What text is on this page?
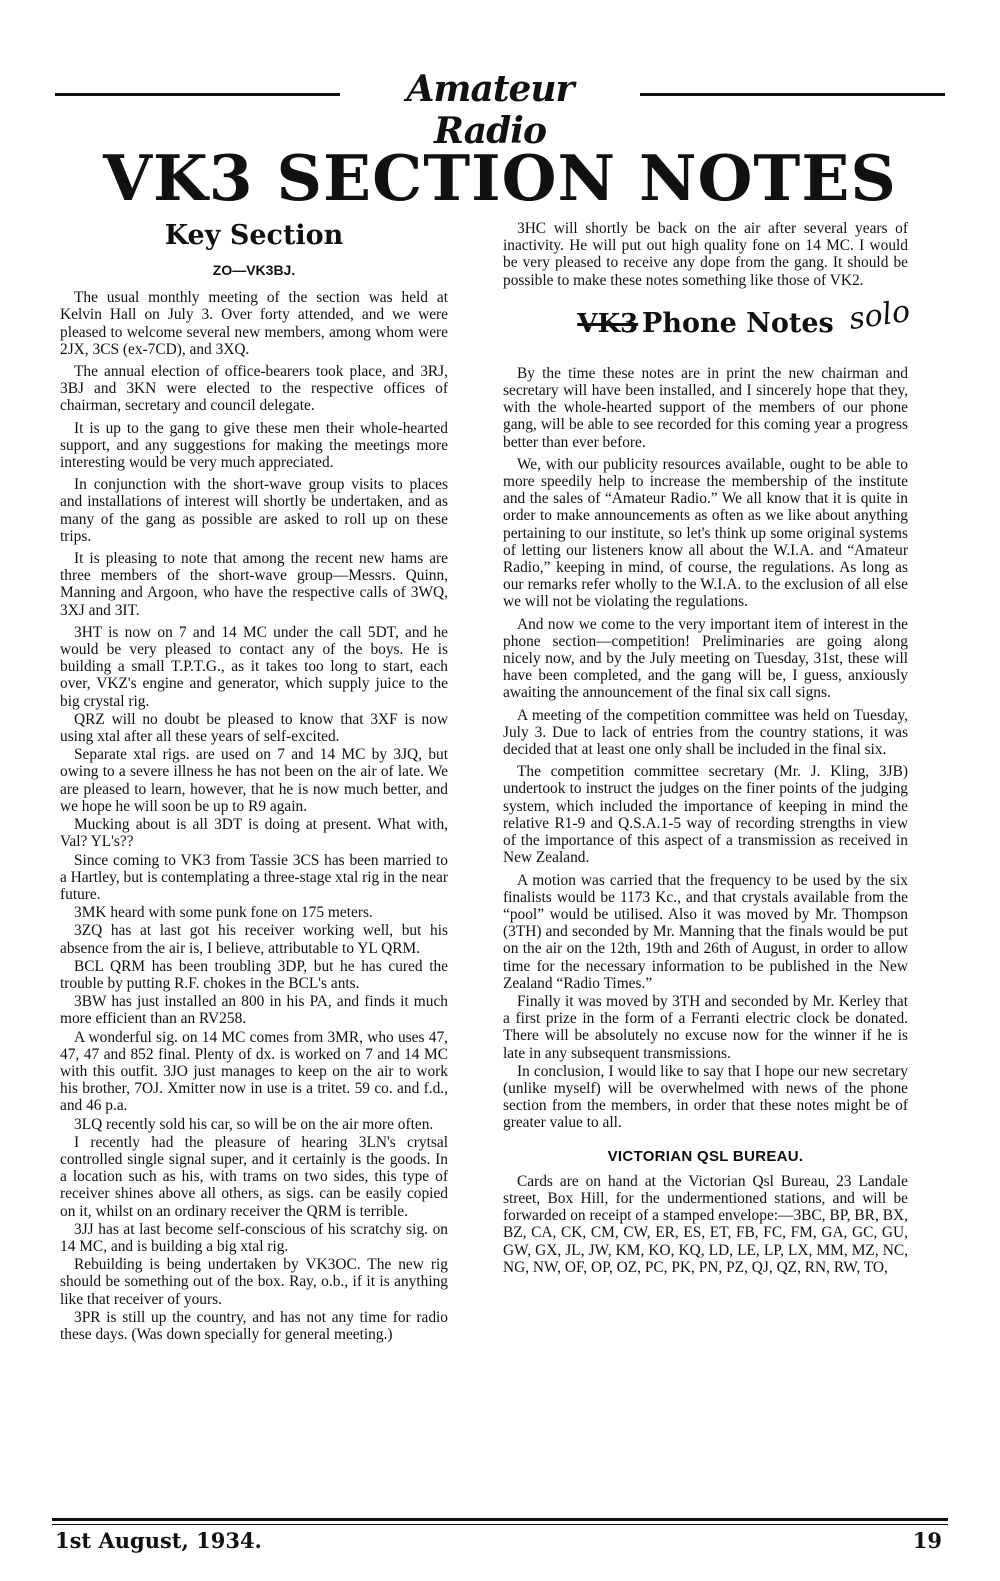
Amateur Radio
VK3 SECTION NOTES
Key Section
ZO—VK3BJ.

The usual monthly meeting of the section was held at Kelvin Hall on July 3. Over forty attended, and we were pleased to welcome several new members, among whom were 2JX, 3CS (ex-7CD), and 3XQ.

The annual election of office-bearers took place, and 3RJ, 3BJ and 3KN were elected to the respective offices of chairman, secretary and council delegate.

It is up to the gang to give these men their whole-hearted support, and any suggestions for making the meetings more interesting would be very much appreciated.

In conjunction with the short-wave group visits to places and installations of interest will shortly be undertaken, and as many of the gang as possible are asked to roll up on these trips.

It is pleasing to note that among the recent new hams are three members of the short-wave group—Messrs. Quinn, Manning and Argoon, who have the respective calls of 3WQ, 3XJ and 3IT.

3HT is now on 7 and 14 MC under the call 5DT, and he would be very pleased to contact any of the boys. He is building a small T.P.T.G., as it takes too long to start, each over, VKZ's engine and generator, which supply juice to the big crystal rig.

QRZ will no doubt be pleased to know that 3XF is now using xtal after all these years of self-excited.

Separate xtal rigs. are used on 7 and 14 MC by 3JQ, but owing to a severe illness he has not been on the air of late. We are pleased to learn, however, that he is now much better, and we hope he will soon be up to R9 again.

Mucking about is all 3DT is doing at present. What with, Val? YL's??

Since coming to VK3 from Tassie 3CS has been married to a Hartley, but is contemplating a three-stage xtal rig in the near future.

3MK heard with some punk fone on 175 meters.

3ZQ has at last got his receiver working well, but his absence from the air is, I believe, attributable to YL QRM.

BCL QRM has been troubling 3DP, but he has cured the trouble by putting R.F. chokes in the BCL's ants.

3BW has just installed an 800 in his PA, and finds it much more efficient than an RV258.

A wonderful sig. on 14 MC comes from 3MR, who uses 47, 47, 47 and 852 final. Plenty of dx. is worked on 7 and 14 MC with this outfit. 3JO just manages to keep on the air to work his brother, 7OJ. Xmitter now in use is a tritet. 59 co. and f.d., and 46 p.a.

3LQ recently sold his car, so will be on the air more often.

I recently had the pleasure of hearing 3LN's crytsal controlled single signal super, and it certainly is the goods. In a location such as his, with trams on two sides, this type of receiver shines above all others, as sigs. can be easily copied on it, whilst on an ordinary receiver the QRM is terrible.

3JJ has at last become self-conscious of his scratchy sig. on 14 MC, and is building a big xtal rig.

Rebuilding is being undertaken by VK3OC. The new rig should be something out of the box. Ray, o.b., if it is anything like that receiver of yours.

3PR is still up the country, and has not any time for radio these days. (Was down specially for general meeting.)

3HC will shortly be back on the air after several years of inactivity. He will put out high quality fone on 14 MC. I would be very pleased to receive any dope from the gang. It should be possible to make these notes something like those of VK2.

VK3 Phone Notes solo

By the time these notes are in print the new chairman and secretary will have been installed, and I sincerely hope that they, with the whole-hearted support of the members of our phone gang, will be able to see recorded for this coming year a progress better than ever before.

We, with our publicity resources available, ought to be able to more speedily help to increase the membership of the institute and the sales of “Amateur Radio.” We all know that it is quite in order to make announcements as often as we like about anything pertaining to our institute, so let's think up some original systems of letting our listeners know all about the W.I.A. and “Amateur Radio,” keeping in mind, of course, the regulations. As long as our remarks refer wholly to the W.I.A. to the exclusion of all else we will not be violating the regulations.

And now we come to the very important item of interest in the phone section—competition! Preliminaries are going along nicely now, and by the July meeting on Tuesday, 31st, these will have been completed, and the gang will be, I guess, anxiously awaiting the announcement of the final six call signs.

A meeting of the competition committee was held on Tuesday, July 3. Due to lack of entries from the country stations, it was decided that at least one only shall be included in the final six.

The competition committee secretary (Mr. J. Kling, 3JB) undertook to instruct the judges on the finer points of the judging system, which included the importance of keeping in mind the relative R1-9 and Q.S.A.1-5 way of recording strengths in view of the importance of this aspect of a transmission as received in New Zealand.

A motion was carried that the frequency to be used by the six finalists would be 1173 Kc., and that crystals available from the “pool” would be utilised. Also it was moved by Mr. Thompson (3TH) and seconded by Mr. Manning that the finals would be put on the air on the 12th, 19th and 26th of August, in order to allow time for the necessary information to be published in the New Zealand “Radio Times.”

Finally it was moved by 3TH and seconded by Mr. Kerley that a first prize in the form of a Ferranti electric clock be donated. There will be absolutely no excuse now for the winner if he is late in any subsequent transmissions.

In conclusion, I would like to say that I hope our new secretary (unlike myself) will be overwhelmed with news of the phone section from the members, in order that these notes might be of greater value to all.

VICTORIAN QSL BUREAU.

Cards are on hand at the Victorian Qsl Bureau, 23 Landale street, Box Hill, for the undermentioned stations, and will be forwarded on receipt of a stamped envelope:—3BC, BP, BR, BX, BZ, CA, CK, CM, CW, ER, ES, ET, FB, FC, FM, GA, GC, GU, GW, GX, JL, JW, KM, KO, KQ, LD, LE, LP, LX, MM, MZ, NC, NG, NW, OF, OP, OZ, PC, PK, PN, PZ, QJ, QZ, RN, RW, TO,

1st August, 1934.	19
